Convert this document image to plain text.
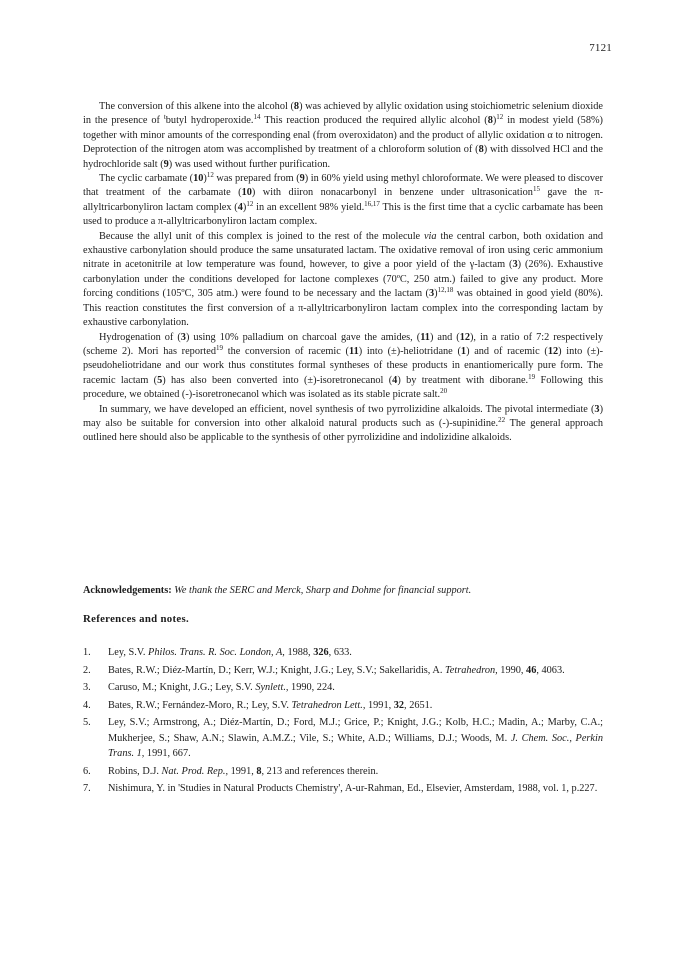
7121

The conversion of this alkene into the alcohol (8) was achieved by allylic oxidation using stoichiometric selenium dioxide in the presence of $^t$butyl hydroperoxide.$^{14}$ This reaction produced the required allylic alcohol $(8)^{12}$ in modest yield (58%) together with minor amounts of the corresponding enal (from overoxidaton) and the product of allylic oxidation α to nitrogen. Deprotection of the nitrogen atom was accomplished by treatment of a chloroform solution of (8) with dissolved HCl and the hydrochloride salt (9) was used without further purification.

The cyclic carbamate $(10)^{12}$ was prepared from (9) in 60% yield using methyl chloroformate. We were pleased to discover that treatment of the carbamate (10) with diiron nonacarbonyl in benzene under ultrasonication$^{15}$ gave the π-allyltricarbonyliron lactam complex $(4)^{12}$ in an excellent 98% yield.$^{16,17}$ This is the first time that a cyclic carbamate has been used to produce a π-allyltricarbonyliron lactam complex.

Because the allyl unit of this complex is joined to the rest of the molecule via the central carbon, both oxidation and exhaustive carbonylation should produce the same unsaturated lactam. The oxidative removal of iron using ceric ammonium nitrate in acetonitrile at low temperature was found, however, to give a poor yield of the γ-lactam (3) (26%). Exhaustive carbonylation under the conditions developed for lactone complexes (70ºC, 250 atm.) failed to give any product. More forcing conditions (105ºC, 305 atm.) were found to be necessary and the lactam $(3)^{12,18}$ was obtained in good yield (80%). This reaction constitutes the first conversion of a π-allyltricarbonyliron lactam complex into the corresponding lactam by exhaustive carbonylation.

Hydrogenation of (3) using 10% palladium on charcoal gave the amides, (11) and (12), in a ratio of 7:2 respectively (scheme 2). Mori has reported$^{19}$ the conversion of racemic (11) into (±)-heliotridane (1) and of racemic (12) into (±)-pseudoheliotridane and our work thus constitutes formal syntheses of these products in enantiomerically pure form. The racemic lactam (5) has also been converted into (±)-isoretronecanol (4) by treatment with diborane.$^{19}$ Following this procedure, we obtained (-)-isoretronecanol which was isolated as its stable picrate salt.$^{20}$

In summary, we have developed an efficient, novel synthesis of two pyrrolizidine alkaloids. The pivotal intermediate (3) may also be suitable for conversion into other alkaloid natural products such as (-)-supinidine.$^{22}$ The general approach outlined here should also be applicable to the synthesis of other pyrrolizidine and indolizidine alkaloids.

Acknowledgements: We thank the SERC and Merck, Sharp and Dohme for financial support.
References and notes.
1.	Ley, S.V. Philos. Trans. R. Soc. London, A, 1988, 326, 633.
2.	Bates, R.W.; Diéz-Martín, D.; Kerr, W.J.; Knight, J.G.; Ley, S.V.; Sakellaridis, A. Tetrahedron, 1990, 46, 4063.
3.	Caruso, M.; Knight, J.G.; Ley, S.V. Synlett., 1990, 224.
4.	Bates, R.W.; Fernández-Moro, R.; Ley, S.V. Tetrahedron Lett., 1991, 32, 2651.
5.	Ley, S.V.; Armstrong, A.; Diéz-Martín, D.; Ford, M.J.; Grice, P.; Knight, J.G.; Kolb, H.C.; Madin, A.; Marby, C.A.; Mukherjee, S.; Shaw, A.N.; Slawin, A.M.Z.; Vile, S.; White, A.D.; Williams, D.J.; Woods, M. J. Chem. Soc., Perkin Trans. 1, 1991, 667.
6.	Robins, D.J. Nat. Prod. Rep., 1991, 8, 213 and references therein.
7.	Nishimura, Y. in 'Studies in Natural Products Chemistry', A-ur-Rahman, Ed., Elsevier, Amsterdam, 1988, vol. 1, p.227.
